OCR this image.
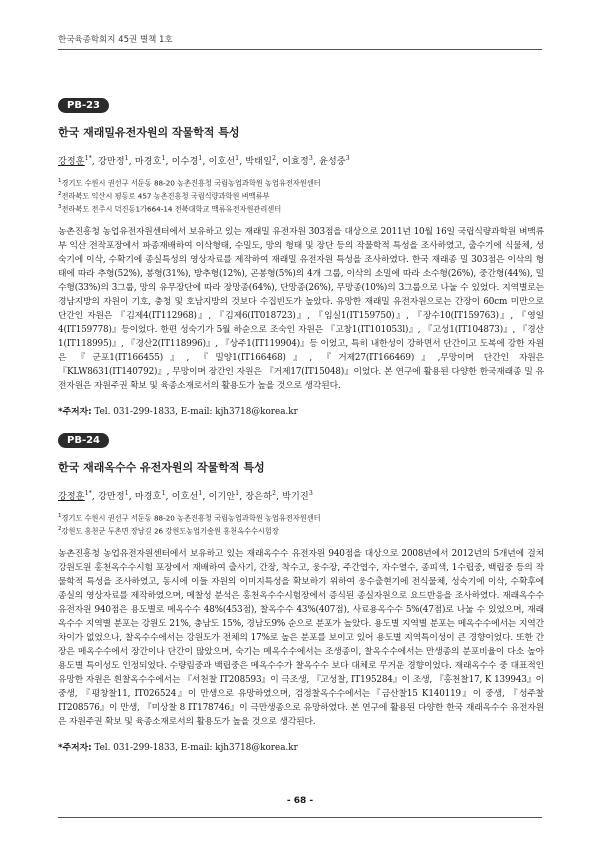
한국육종학회지 45권 별책 1호
PB-23
한국 재래밀유전자원의 작물학적 특성
강정훈$^{1*}$, 강만정$^1$, 마경호$^1$, 이수경$^1$, 이호선$^1$, 박태일$^2$, 이효정$^3$, 윤성중$^3$
$^1$경기도 수원시 권선구 서둔동 88-20 농촌진흥청 국립농업과학원 농업유전자원센터
$^2$전라북도 익산시 평동로 457 농촌진흥청 국립식량과학원 벼맥류부
$^3$전라북도 전주시 덕진동1가664-14 전북대학교 맥류유전자원관리센터
농촌진흥청 농업유전자원센터에서 보유하고 있는 재래밀 유전자원 303점을 대상으로 2011년 10월 16일 국립식량과학원 벼맥류부 익산 전작포장에서 파종재배하여 이삭형태, 수밀도, 망의 형태 및 장단 등의 작물학적 특성을 조사하였고, 출수기에 식물체, 성숙기에 이삭, 수확기에 종실특성의 영상자료를 제작하여 재래밀 유전자원 특성을 조사하였다. 한국 재래종 밀 303점은 이삭의 형태에 따라 추형(52%), 봉형(31%), 방추형(12%), 곤봉형(5%)의 4개 그룹, 이삭의 소밀에 따라 소수형(26%), 중간형(44%), 밀수형(33%)의 3그룹, 망의 유무장단에 따라 장망종(64%), 단망종(26%), 무망종(10%)의 3그룹으로 나눌 수 있었다. 지역별로는 경남지방의 자원이 기호, 충청 및 호남지방의 것보다 수집빈도가 높았다. 유망한 재래밀 유전자원으로는 간장이 60cm 미만으로 단간인 자원은 『김제4(IT112968)』, 『김제6(IT018723)』, 『임실1(IT159750)』, 『장수10(IT159763)』, 『영일4(IT159778)』등이었다. 한편 성숙기가 5월 하순으로 조숙인 자원은 『고창1(IT101053l)』, 『고성1(IT104873)』, 『경산1(IT118995)』, 『경산2(IT118996)』, 『상주1(IT119904)』등 이었고, 특히 내한성이 강하면서 단간이고 도복에 강한 자원은 『군포1(IT166455)』, 『밀양1(IT166468)』, 『거제27(IT166469)』,무망이며 단간인 자원은 『KLW8631(IT140792)』, 무망이며 장간인 자원은 『거제17(IT15048)』이었다. 본 연구에 활용된 다양한 한국재래종 밀 유전자원은 자원주권 확보 및 육종소재로서의 활용도가 높을 것으로 생각된다.
*주저자: Tel. 031-299-1833, E-mail: kjh3718@korea.kr
PB-24
한국 재래옥수수 유전자원의 작물학적 특성
강정훈$^{1*}$, 강만정$^1$, 마경호$^1$, 이호선$^1$, 이기안$^1$, 장은하$^2$, 박기진$^3$
$^1$경기도 수원시 권선구 서둔동 88-20 농촌진흥청 국립농업과학원 농업유전자원센터
$^2$강원도 홍천군 두촌면 장남길 26 강원도농업기술원 홍천옥수수시험장
농촌진흥청 농업유전자원센터에서 보유하고 있는 재래옥수수 유전자원 940점을 대상으로 2008년에서 2012년의 5개년에 걸쳐 강원도원 홍천옥수수시험 포장에서 재배하여 출사기, 간장, 착수고, 웅수장, 주간엽수, 자수열수, 종피색, 1수립중, 백립중 등의 작물학적 특성을 조사하였고, 동시에 이들 자원의 이미지특성을 확보하기 위하여 웅수출현기에 전식물체, 성숙기에 이삭, 수확후에 종실의 영상자료를 제작하였으며, 메찰성 분석은 홍천옥수수시험장에서 증식된 종실자원으로 요드반응을 조사하였다. 재래옥수수 유전자원 940점은 용도별로 메옥수수 48%(453점), 찰옥수수 43%(407점), 사료용옥수수 5%(47점)로 나눌 수 있었으며, 재래옥수수 지역별 분포는 강원도 21%, 충남도 15%, 경남도9% 순으로 분포가 높았다. 용도별 지역별 분포는 메옥수수에서는 지역간 차이가 없었으나, 찰옥수수에서는 강원도가 전체의 17%로 높은 분포를 보이고 있어 용도별 지역특이성이 큰 경향이었다. 또한 간장은 메옥수수에서 장간이나 단간이 많았으며, 숙기는 메옥수수에서는 조생종이, 찰옥수수에서는 만생종의 분포비율이 다소 높아 용도별 특이성도 인정되었다. 수량림중과 백립중은 메옥수수가 찰옥수수 보다 대체로 무거운 경향이었다. 재래옥수수 중 대표적인 유망한 자원은 흰찰옥수수에서는 『서천찰 IT208593』이 극조생, 『고성찰, IT195284』이 조생, 『홍천찰17, K 139943』이 중생, 『평창찰11, IT026524』이 만생으로 유망하였으며, 검정찰옥수수에서는『금산찰15 K140119』이 중생, 『성주찰 IT208576』이 만생, 『미상찰 8 IT178746』이 극만생종으로 유망하였다. 본 연구에 활용된 다양한 한국 재래옥수수 유전자원은 자원주권 확보 및 육종소재로서의 활용도가 높을 것으로 생각된다.
*주저자: Tel. 031-299-1833, E-mail: kjh3718@korea.kr
- 68 -
